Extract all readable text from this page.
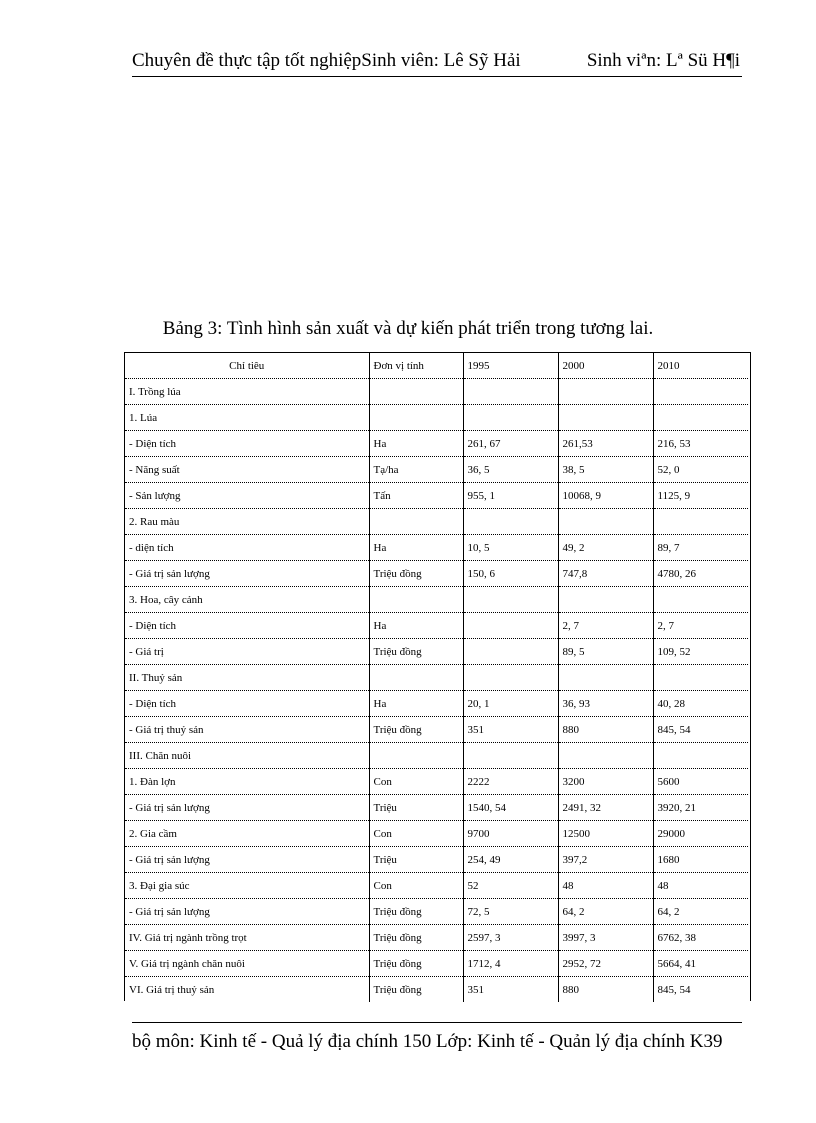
Chuyên đề thực tập tốt nghiệpSinh viên: Lê Sỹ Hải	Sinh viªn: Lª Sü H¶i
Bảng 3: Tình hình sản xuất và dự kiến phát triển trong tương lai.
Chỉ tiêu	Đơn vị tính	1995	2000	2010
I. Trồng lúa				
1. Lúa				
- Diện tích	Ha	261, 67	261,53	216, 53
- Năng suất	Tạ/ha	36, 5	38, 5	52, 0
- Sản lượng	Tấn	955, 1	10068, 9	1125, 9
2. Rau màu				
- diện tích	Ha	10, 5	49, 2	89, 7
- Giá trị sản lượng	Triệu đồng	150, 6	747,8	4780, 26
3. Hoa, cây cảnh				
- Diện tích	Ha		2, 7	2, 7
- Giá trị	Triệu đồng		89, 5	109, 52
II. Thuỷ sản				
- Diện tích	Ha	20, 1	36, 93	40, 28
- Giá trị thuỷ sản	Triệu đồng	351	880	845, 54
III. Chăn nuôi				
1. Đàn lợn	Con	2222	3200	5600
- Giá trị sản lượng	Triệu	1540, 54	2491, 32	3920, 21
2. Gia cầm	Con	9700	12500	29000
- Giá trị sản lượng	Triệu	254, 49	397,2	1680
3. Đại gia súc	Con	52	48	48
- Giá trị sản lượng	Triệu đồng	72, 5	64, 2	64, 2
IV. Giá trị ngành trồng trọt	Triệu đồng	2597, 3	3997, 3	6762, 38
V. Giá trị ngành chăn nuôi	Triệu đồng	1712, 4	2952, 72	5664, 41
VI. Giá trị thuỷ sản	Triệu đồng	351	880	845, 54
bộ môn: Kinh tế - Quả lý địa chính 150 Lớp: Kinh tế - Quản lý địa chính K39
